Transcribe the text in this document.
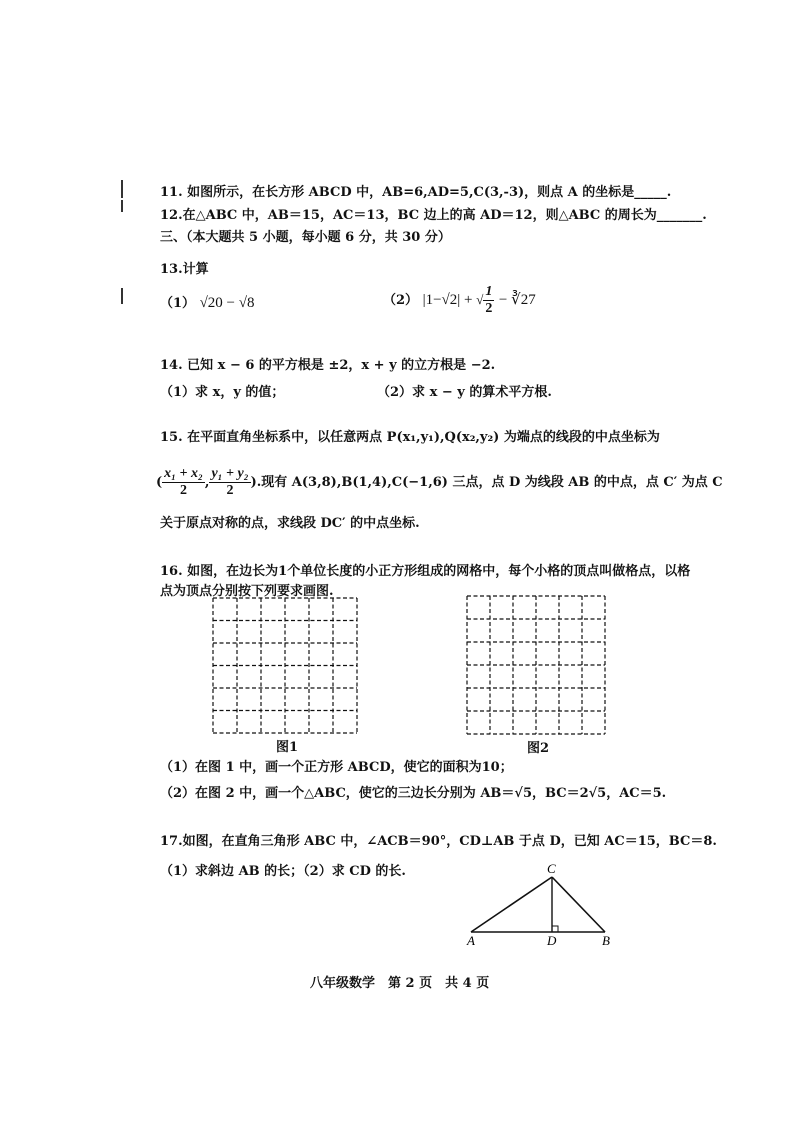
11. 如图所示，在长方形 ABCD 中，AB=6,AD=5,C(3,-3)，则点 A 的坐标是_____.
12.在△ABC 中，AB＝15，AC＝13，BC 边上的高 AD＝12，则△ABC 的周长为_______.
三、（本大题共 5 小题，每小题 6 分，共 30 分）
13.计算
（1） √20 − √8	（2） |1−√2| + √ $\frac{1}{2}$ − ∛27
14. 已知 x − 6 的平方根是 ±2，x + y 的立方根是 −2.
（1）求 x，y 的值；	（2）求 x − y 的算术平方根.
15. 在平面直角坐标系中，以任意两点 P(x₁,y₁),Q(x₂,y₂) 为端点的线段的中点坐标为
( $\frac{\text{x₁ + x₂}}{2}$ , $\frac{\text{y₁ + y₂}}{2}$ ).现有 A(3,8),B(1,4),C(−1,6) 三点，点 D 为线段 AB 的中点，点 C′ 为点 C
关于原点对称的点，求线段 DC′ 的中点坐标.
16. 如图，在边长为1个单位长度的小正方形组成的网格中，每个小格的顶点叫做格点，以格
点为顶点分别按下列要求画图.
图1	图2
（1）在图 1 中，画一个正方形 ABCD，使它的面积为10；
（2）在图 2 中，画一个△ABC，使它的三边长分别为 AB＝√5，BC＝2√5，AC＝5.
17.如图，在直角三角形 ABC 中，∠ACB＝90°，CD⊥AB 于点 D，已知 AC＝15，BC＝8.
（1）求斜边 AB 的长；（2）求 CD 的长.	C
A	D	B
八年级数学　第 2 页　共 4 页
